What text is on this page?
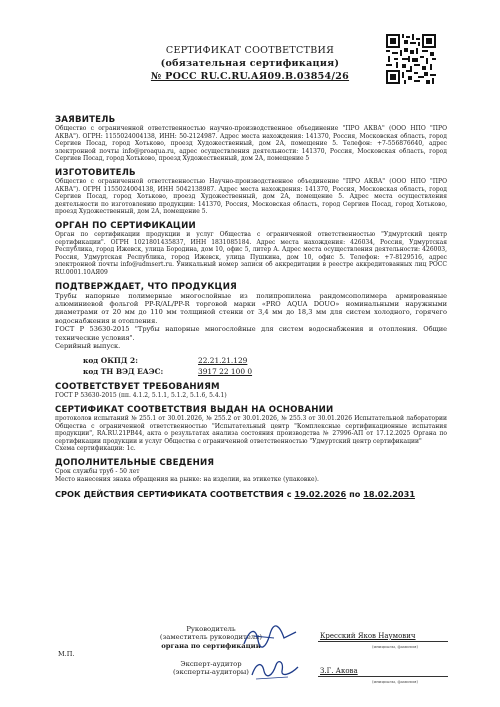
СЕРТИФИКАТ СООТВЕТСТВИЯ
(обязательная сертификация)
№ РОСС RU.C.RU.АЯ09.В.03854/26
ЗАЯВИТЕЛЬ

Общество с ограниченной ответственностью научно-производственное объединение "ПРО АКВА" (ООО НПО "ПРО АКВА"). ОГРН: 1155024004138, ИНН: 50-2124987. Адрес места нахождения: 141370, Россия, Московская область, город Сергиев Посад, город Хотьково, проезд Художественный, дом 2А, помещение 5. Телефон: +7-556876640, адрес электронной почты info@proaqua.ru, адрес осуществления деятельности: 141370, Россия, Московская область, город Сергиев Посад, город Хотьково, проезд Художественный, дом 2А, помещение 5

ИЗГОТОВИТЕЛЬ

Общество с ограниченной ответственностью Научно-производственное объединение "ПРО АКВА" (ООО НПО "ПРО АКВА"). ОГРН 1155024004138, ИНН 5042138987. Адрес места нахождения: 141370, Россия, Московская область, город Сергиев Посад, город Хотьково, проезд Художественный, дом 2А, помещение 5. Адрес места осуществления деятельности по изготовлению продукции: 141370, Россия, Московская область, город Сергиев Посад, город Хотьково, проезд Художественный, дом 2А, помещение 5.

ОРГАН ПО СЕРТИФИКАЦИИ

Орган по сертификации продукции и услуг Общества с ограниченной ответственностью "Удмуртский центр сертификации". ОГРН 1021801435837, ИНН 1831085184. Адрес места нахождения: 426034, Россия, Удмуртская Республика, город Ижевск, улица Бородина, дом 10, офис 5, литер А. Адрес места осуществления деятельности: 426003, Россия, Удмуртская Республика, город Ижевск, улица Пушкина, дом 10, офис 5. Телефон: +7-8129516, адрес электронной почты info@udmsert.ru. Уникальный номер записи об аккредитации в реестре аккредитованных лиц РОСС RU.0001.10АЯ09

ПОДТВЕРЖДАЕТ, ЧТО ПРОДУКЦИЯ

Трубы напорные полимерные многослойные из полипропилена рандомсополимера армированные алюминиевой фольгой PP-R/AL/PP-R торговой марки «PRO AQUA DOUO» номинальными наружными диаметрами от 20 мм до 110 мм толщиной стенки от 3,4 мм до 18,3 мм для систем холодного, горячего водоснабжения и отопления.

ГОСТ Р 53630-2015 "Трубы напорные многослойные для систем водоснабжения и отопления. Общие технические условия".

Серийный выпуск.

код ОКПД 2:	22.21.21.129
код ТН ВЭД ЕАЭС:	3917 22 100 0
СООТВЕТСТВУЕТ ТРЕБОВАНИЯМ

ГОСТ Р 53630-2015 (пп. 4.1.2, 5.1.1, 5.1.2, 5.1.6, 5.4.1)

СЕРТИФИКАТ СООТВЕТСТВИЯ ВЫДАН НА ОСНОВАНИИ

протоколов испытаний № 255.1 от 30.01.2026, № 255.2 от 30.01.2026, № 255.3 от 30.01.2026 Испытательной лаборатории Общества с ограниченной ответственностью "Испытательный центр "Комплексные сертификационные испытания продукции", RA.RU.21PB44, акта о результатах анализа состояния производства № 27996-АП от 17.12.2025 Органа по сертификации продукции и услуг Общества с ограниченной ответственностью "Удмуртский центр сертификации"

Схема сертификации: 1с.

ДОПОЛНИТЕЛЬНЫЕ СВЕДЕНИЯ

Срок службы труб - 50 лет

Место нанесения знака обращения на рынке: на изделии, на этикетке (упаковке).

СРОК ДЕЙСТВИЯ СЕРТИФИКАТА СООТВЕТСТВИЯ с 19.02.2026 по 18.02.2031
Руководитель
(заместитель руководителя)
органа по сертификации
Кресский Яков Наумович
(инициалы, фамилия)
Эксперт-аудитор
(эксперты-аудиторы)	З.Г. Акова
(инициалы, фамилия)
М.П.
